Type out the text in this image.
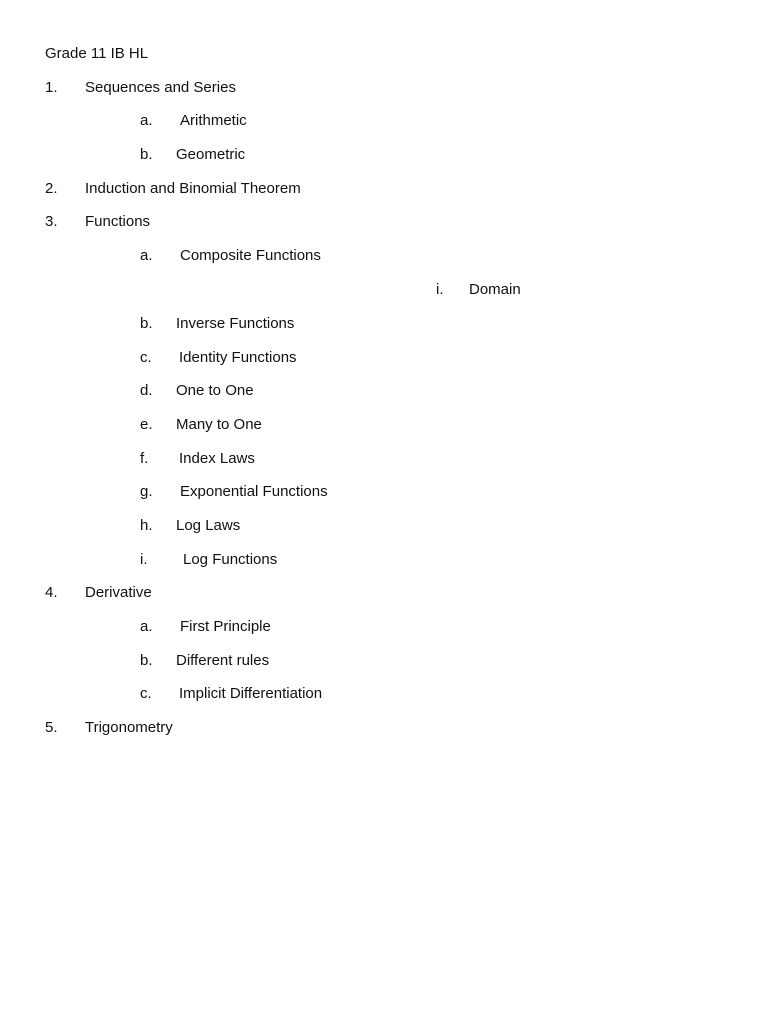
Grade 11 IB HL
1. Sequences and Series
a. Arithmetic
b. Geometric
2. Induction and Binomial Theorem
3. Functions
a. Composite Functions
i. Domain
b. Inverse Functions
c. Identity Functions
d. One to One
e. Many to One
f. Index Laws
g. Exponential Functions
h. Log Laws
i. Log Functions
4. Derivative
a. First Principle
b. Different rules
c. Implicit Differentiation
5. Trigonometry
